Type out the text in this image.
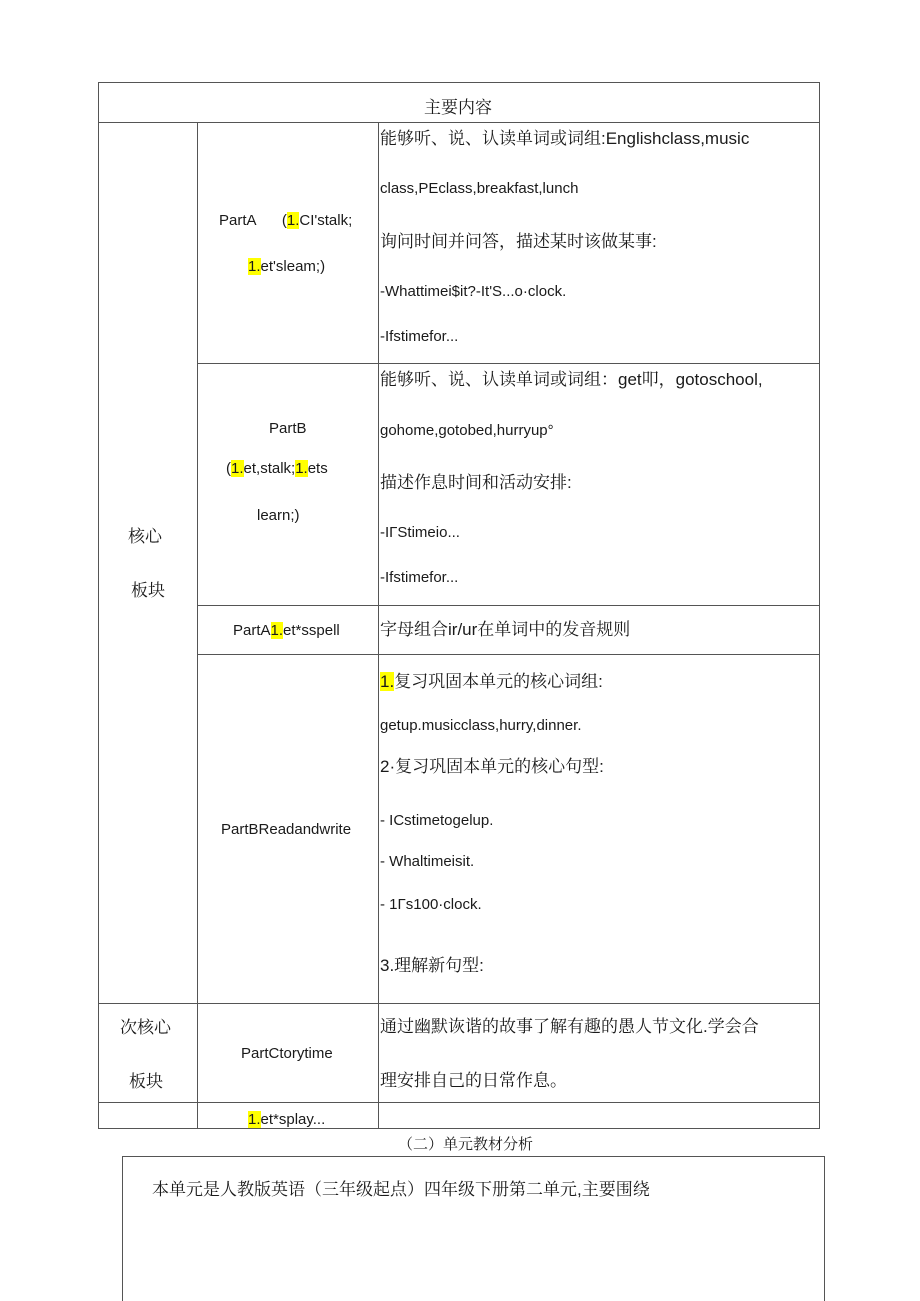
主要内容
核心
板块
次核心
板块
PartA (1.CI'stalk;
1.et'sleam;)
能够听、说、认读单词或词组:Englishclass,music
class,PEclass,breakfast,lunch
询问时间并问答，描述某时该做某事:
-Whattimei$it?-It'S...o·clock.
-Ifstimefor...
PartB
(1.et,stalk;1.ets
learn;)
能够听、说、认读单词或词组：get叩，gotoschool,
gohome,gotobed,hurryup°
描述作息时间和活动安排:
-IΓStimeio...
-Ifstimefor...
PartA1.et*sspell 字母组合ir/ur在单词中的发音规则
PartBReadandwrite
1.复习巩固本单元的核心词组:
getup.musicclass,hurry,dinner.
2·复习巩固本单元的核心句型:
- ICstimetogelup.
- Whaltimeisit.
- 1Γs100·clock.
3.理解新句型:
PartCtorytime
通过幽默诙谐的故事了解有趣的愚人节文化.学会合
理安排自己的日常作息。
1.et*splay...
（二）单元教材分析
本单元是人教版英语（三年级起点）四年级下册第二单元,主要围绕
